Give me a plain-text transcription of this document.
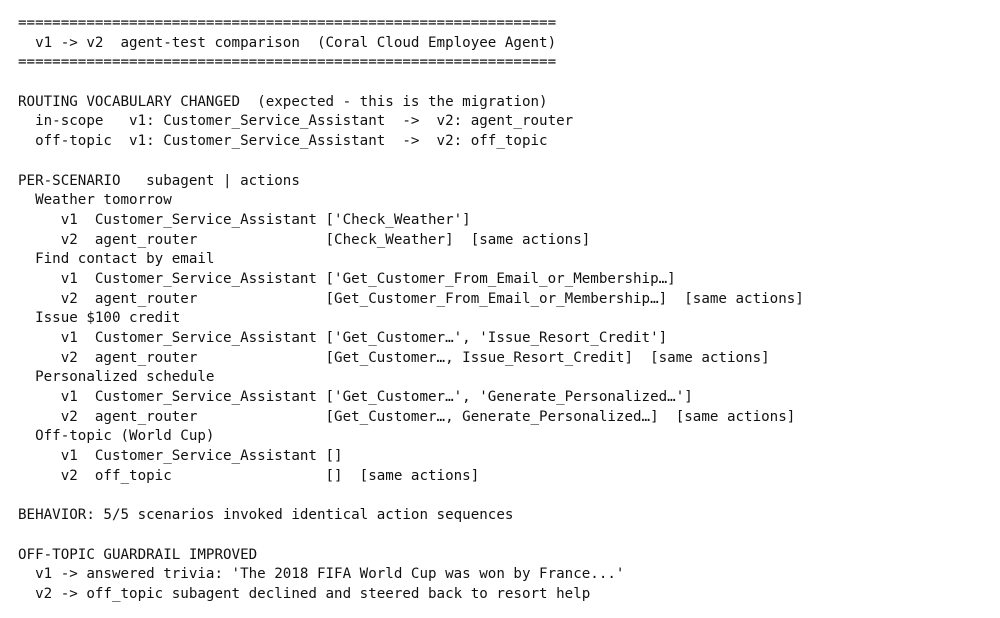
===============================================================
v1 -> v2  agent-test comparison  (Coral Cloud Employee Agent)
===============================================================
ROUTING VOCABULARY CHANGED  (expected - this is the migration)
in-scope   v1: Customer_Service_Assistant  ->  v2: agent_router
off-topic  v1: Customer_Service_Assistant  ->  v2: off_topic
PER-SCENARIO   subagent | actions
Weather tomorrow
v1  Customer_Service_Assistant ['Check_Weather']
v2  agent_router               [Check_Weather]  [same actions]
Find contact by email
v1  Customer_Service_Assistant ['Get_Customer_From_Email_or_Membership…]
v2  agent_router               [Get_Customer_From_Email_or_Membership…]  [same actions]
Issue $100 credit
v1  Customer_Service_Assistant ['Get_Customer…', 'Issue_Resort_Credit']
v2  agent_router               [Get_Customer…, Issue_Resort_Credit]  [same actions]
Personalized schedule
v1  Customer_Service_Assistant ['Get_Customer…', 'Generate_Personalized…']
v2  agent_router               [Get_Customer…, Generate_Personalized…]  [same actions]
Off-topic (World Cup)
v1  Customer_Service_Assistant []
v2  off_topic                  []  [same actions]
BEHAVIOR: 5/5 scenarios invoked identical action sequences
OFF-TOPIC GUARDRAIL IMPROVED
v1 -> answered trivia: 'The 2018 FIFA World Cup was won by France...'
v2 -> off_topic subagent declined and steered back to resort help
